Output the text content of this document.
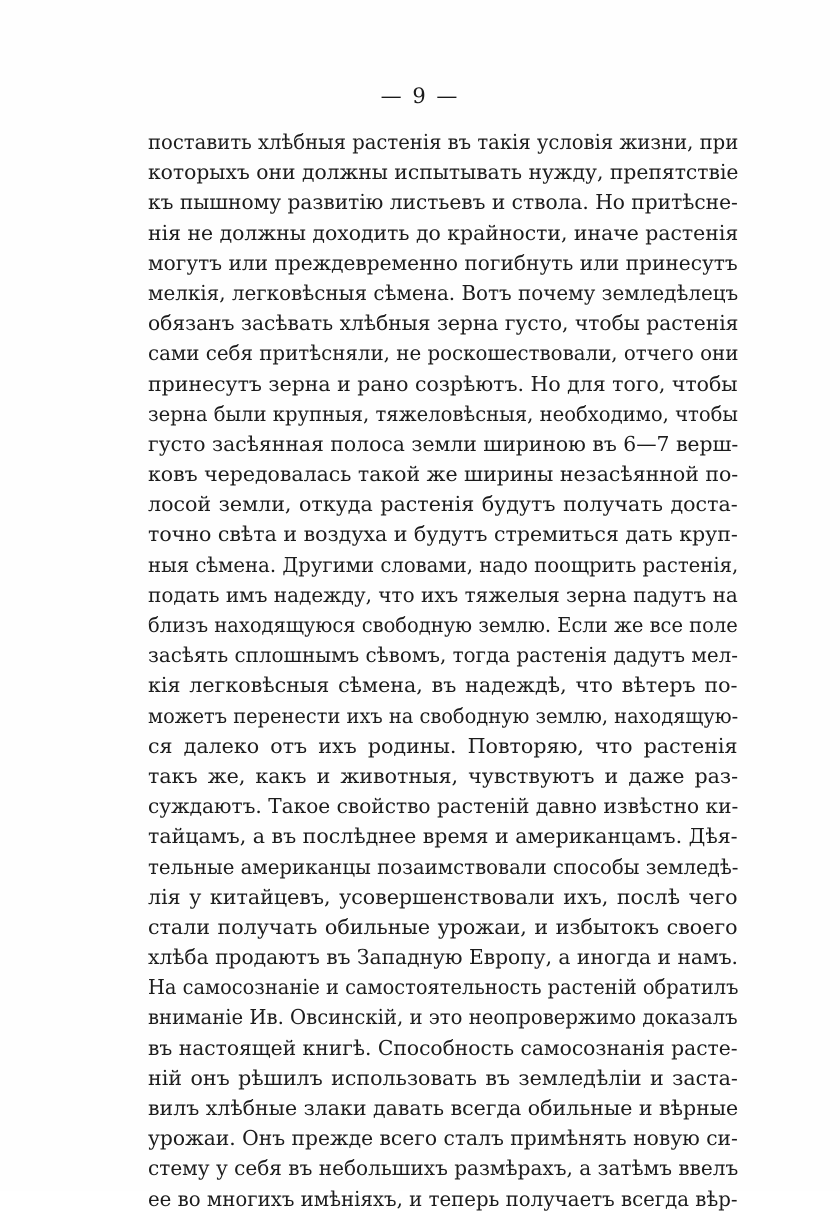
— 9 —
поставить хлѣбныя растенія въ такія условія жизни, при
которыхъ они должны испытывать нужду, препятствіе
къ пышному развитію листьевъ и ствола. Но притѣсне-
нія не должны доходить до крайности, иначе растенія
могутъ или преждевременно погибнуть или принесутъ
мелкія, легковѣсныя сѣмена. Вотъ почему земледѣлецъ
обязанъ засѣвать хлѣбныя зерна густо, чтобы растенія
сами себя притѣсняли, не роскошествовали, отчего они
принесутъ зерна и рано созрѣютъ. Но для того, чтобы
зерна были крупныя, тяжеловѣсныя, необходимо, чтобы
густо засѣянная полоса земли шириною въ 6—7 верш-
ковъ чередовалась такой же ширины незасѣянной по-
лосой земли, откуда растенія будутъ получать доста-
точно свѣта и воздуха и будутъ стремиться дать круп-
ныя сѣмена. Другими словами, надо поощрить растенія,
подать имъ надежду, что ихъ тяжелыя зерна падутъ на
близъ находящуюся свободную землю. Если же все поле
засѣять сплошнымъ сѣвомъ, тогда растенія дадутъ мел-
кія легковѣсныя сѣмена, въ надеждѣ, что вѣтеръ по-
можетъ перенести ихъ на свободную землю, находящую-
ся далеко отъ ихъ родины. Повторяю, что растенія
такъ же, какъ и животныя, чувствуютъ и даже раз-
суждаютъ. Такое свойство растеній давно извѣстно ки-
тайцамъ, а въ послѣднее время и американцамъ. Дѣя-
тельные американцы позаимствовали способы земледѣ-
лія у китайцевъ, усовершенствовали ихъ, послѣ чего
стали получать обильные урожаи, и избытокъ своего
хлѣба продаютъ въ Западную Европу, а иногда и намъ.
На самосознаніе и самостоятельность растеній обратилъ
вниманіе Ив. Овсинскій, и это неопровержимо доказалъ
въ настоящей книгѣ. Способность самосознанія расте-
ній онъ рѣшилъ использовать въ земледѣліи и заста-
вилъ хлѣбные злаки давать всегда обильные и вѣрные
урожаи. Онъ прежде всего сталъ примѣнять новую си-
стему у себя въ небольшихъ размѣрахъ, а затѣмъ ввелъ
ее во многихъ имѣніяхъ, и теперь получаетъ всегда вѣр-
